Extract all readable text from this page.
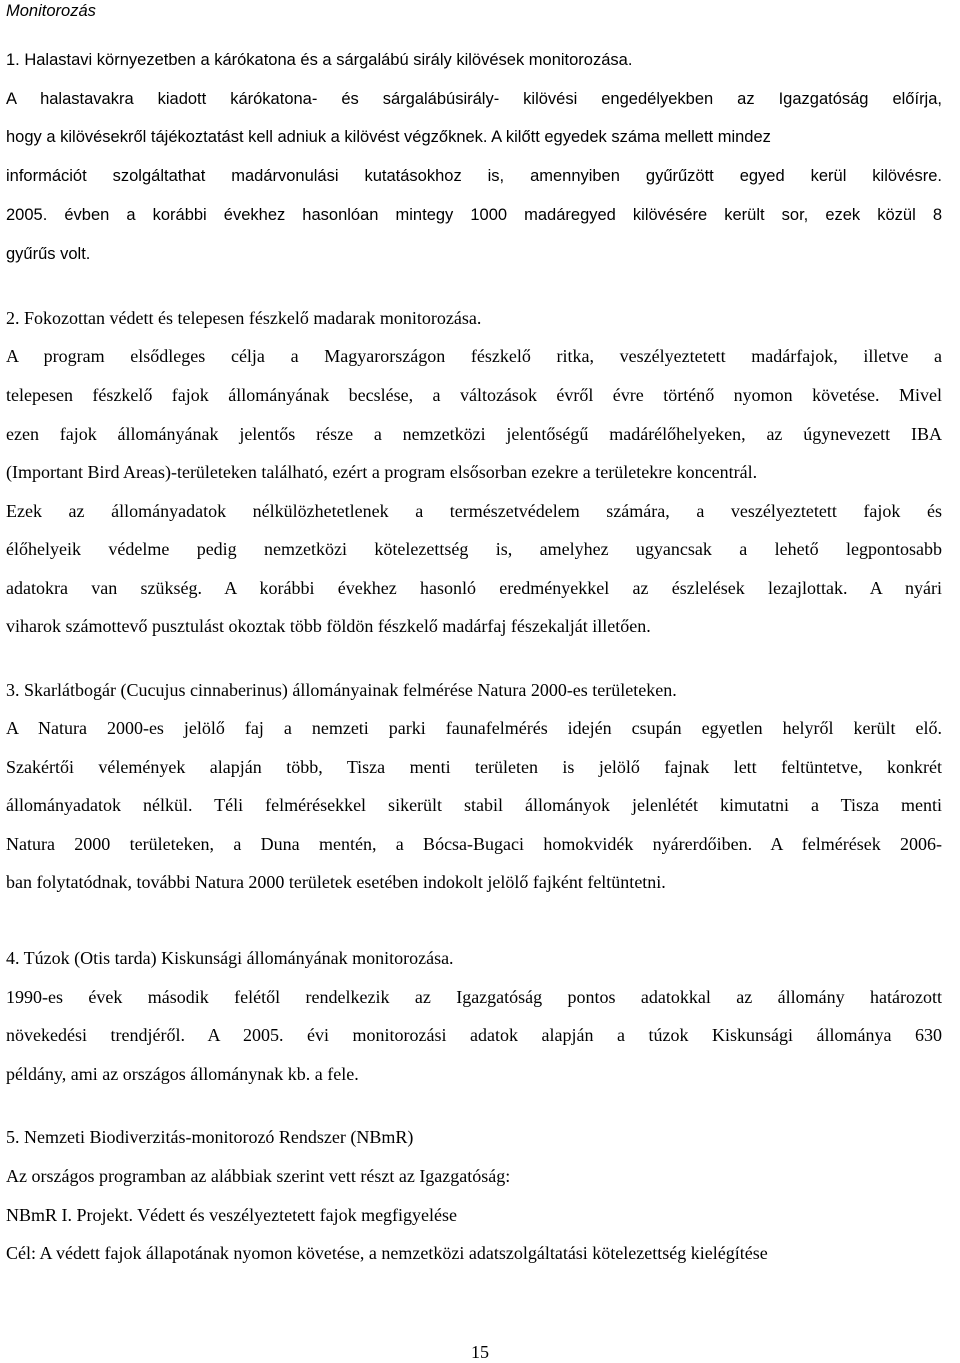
Monitorozás
1. Halastavi környezetben a kárókatona és a sárgalábú sirály kilövések monitorozása.
A halastavakra kiadott kárókatona- és sárgalábúsirály- kilövési engedélyekben az Igazgatóság előírja,
hogy a kilövésekről tájékoztatást kell adniuk a kilövést végzőknek. A kilőtt egyedek száma mellett mindez
információt szolgáltathat madárvonulási kutatásokhoz is, amennyiben gyűrűzött egyed kerül kilövésre.
2005. évben a korábbi évekhez hasonlóan mintegy 1000 madáregyed kilövésére került sor, ezek közül 8
gyűrűs volt.
2. Fokozottan védett és telepesen fészkelő madarak monitorozása.
A program elsődleges célja a Magyarországon fészkelő ritka, veszélyeztetett madárfajok, illetve a
telepesen fészkelő fajok állományának becslése, a változások évről évre történő nyomon követése. Mivel
ezen fajok állományának jelentős része a nemzetközi jelentőségű madárélőhelyeken, az úgynevezett IBA
(Important Bird Areas)-területeken található, ezért a program elsősorban ezekre a területekre koncentrál.
Ezek az állományadatok nélkülözhetetlenek a természetvédelem számára, a veszélyeztetett fajok és
élőhelyeik védelme pedig nemzetközi kötelezettség is, amelyhez ugyancsak a lehető legpontosabb
adatokra van szükség. A korábbi évekhez hasonló eredményekkel az észlelések lezajlottak. A nyári
viharok számottevő pusztulást okoztak több földön fészkelő madárfaj fészekalját illetően.
3. Skarlátbogár (Cucujus cinnaberinus) állományainak felmérése Natura 2000-es területeken.
A Natura 2000-es jelölő faj a nemzeti parki faunafelmérés idején csupán egyetlen helyről került elő.
Szakértői vélemények alapján több, Tisza menti területen is jelölő fajnak lett feltüntetve, konkrét
állományadatok nélkül. Téli felmérésekkel sikerült stabil állományok jelenlétét kimutatni a Tisza menti
Natura 2000 területeken, a Duna mentén, a Bócsa-Bugaci homokvidék nyárerdőiben. A felmérések 2006-
ban folytatódnak, további Natura 2000 területek esetében indokolt jelölő fajként feltüntetni.
4. Túzok (Otis tarda) Kiskunsági állományának monitorozása.
1990-es évek második felétől rendelkezik az Igazgatóság pontos adatokkal az állomány határozott
növekedési trendjéről. A 2005. évi monitorozási adatok alapján a túzok Kiskunsági állománya 630
példány, ami az országos állománynak kb. a fele.
5. Nemzeti Biodiverzitás-monitorozó Rendszer (NBmR)
Az országos programban az alábbiak szerint vett részt az Igazgatóság:
NBmR I. Projekt. Védett és veszélyeztetett fajok megfigyelése
Cél: A védett fajok állapotának nyomon követése, a nemzetközi adatszolgáltatási kötelezettség kielégítése
15
